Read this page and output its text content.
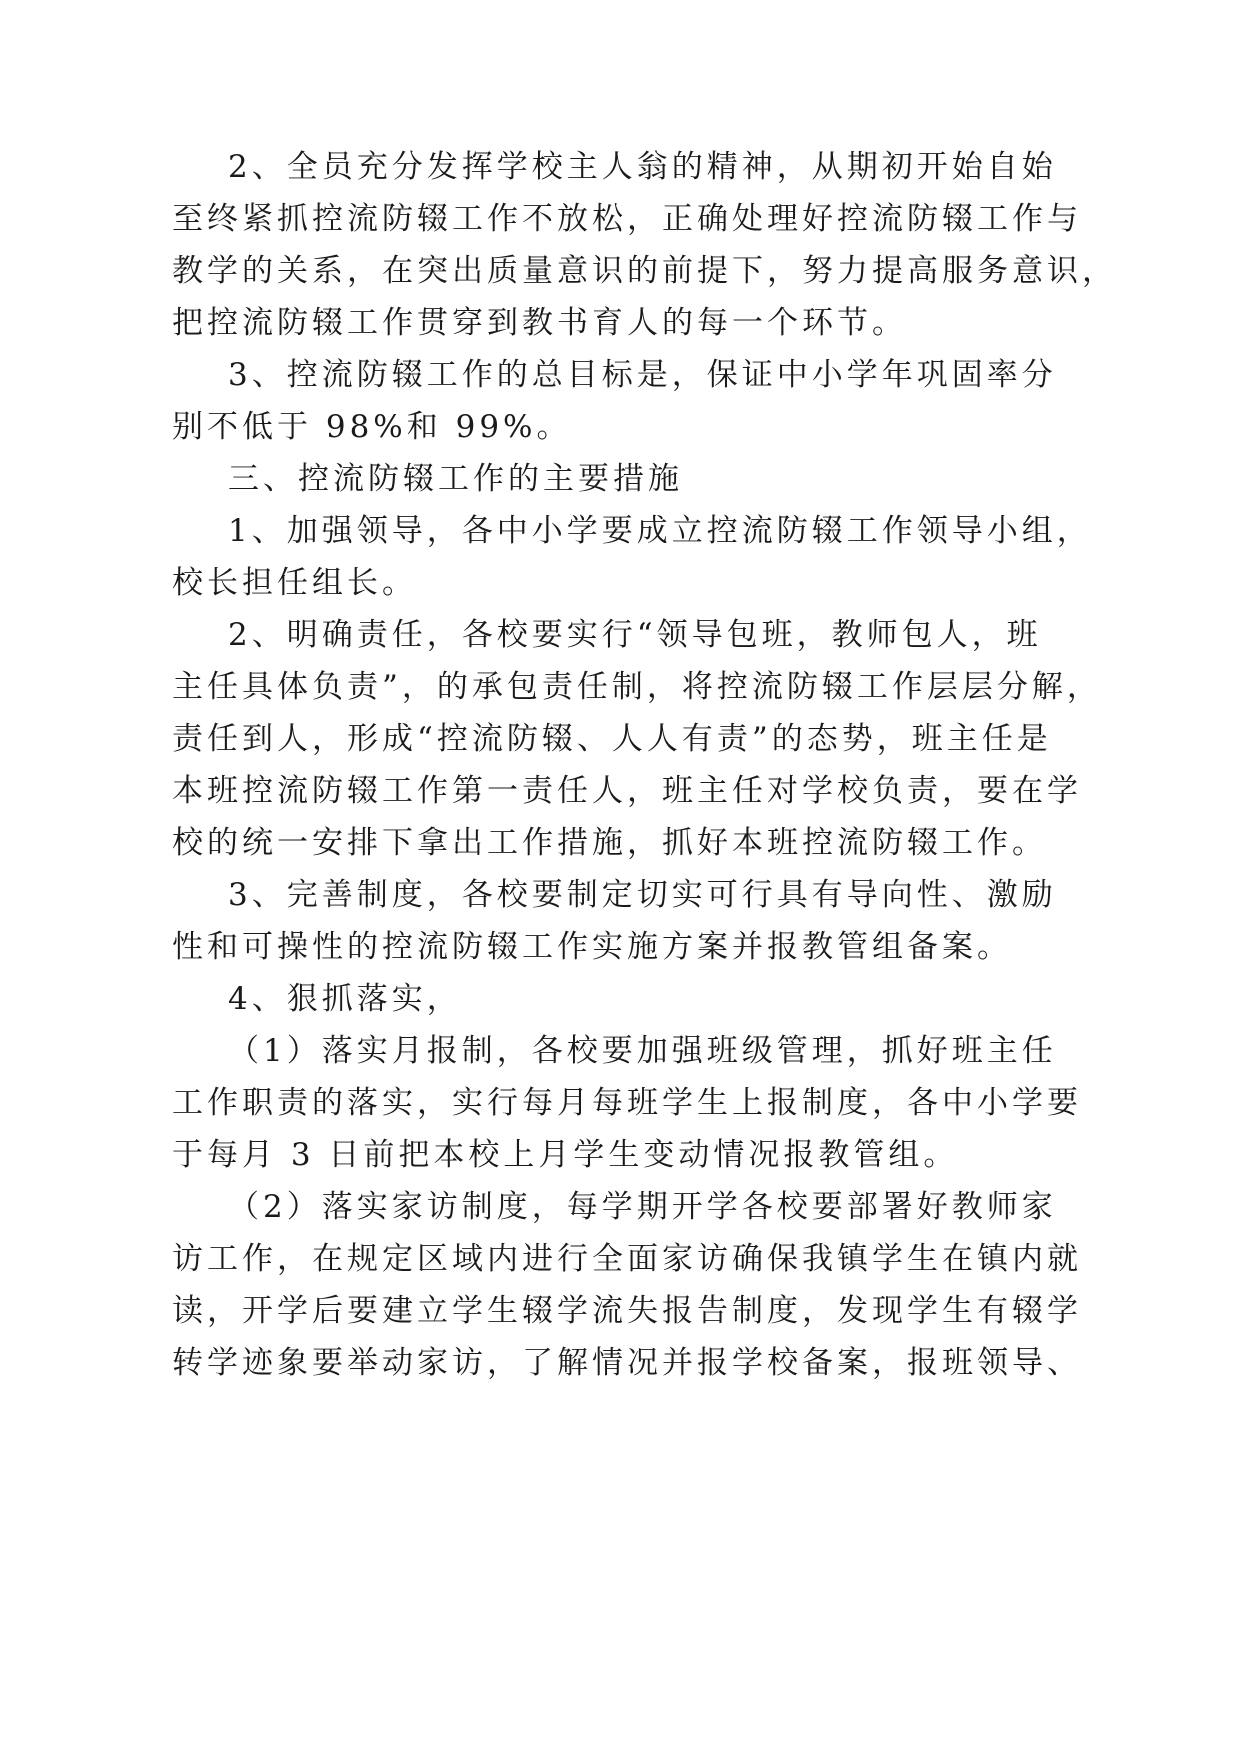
2、全员充分发挥学校主人翁的精神，从期初开始自始
至终紧抓控流防辍工作不放松，正确处理好控流防辍工作与
教学的关系，在突出质量意识的前提下，努力提高服务意识，
把控流防辍工作贯穿到教书育人的每一个环节。
3、控流防辍工作的总目标是，保证中小学年巩固率分
别不低于 98%和 99%。
三、控流防辍工作的主要措施
1、加强领导，各中小学要成立控流防辍工作领导小组，
校长担任组长。
2、明确责任，各校要实行“领导包班，教师包人，班
主任具体负责”，的承包责任制，将控流防辍工作层层分解，
责任到人，形成“控流防辍、人人有责”的态势，班主任是
本班控流防辍工作第一责任人，班主任对学校负责，要在学
校的统一安排下拿出工作措施，抓好本班控流防辍工作。
3、完善制度，各校要制定切实可行具有导向性、激励
性和可操性的控流防辍工作实施方案并报教管组备案。
4、狠抓落实，
（1）落实月报制，各校要加强班级管理，抓好班主任
工作职责的落实，实行每月每班学生上报制度，各中小学要
于每月 3 日前把本校上月学生变动情况报教管组。
（2）落实家访制度，每学期开学各校要部署好教师家
访工作，在规定区域内进行全面家访确保我镇学生在镇内就
读，开学后要建立学生辍学流失报告制度，发现学生有辍学
转学迹象要举动家访，了解情况并报学校备案，报班领导、
